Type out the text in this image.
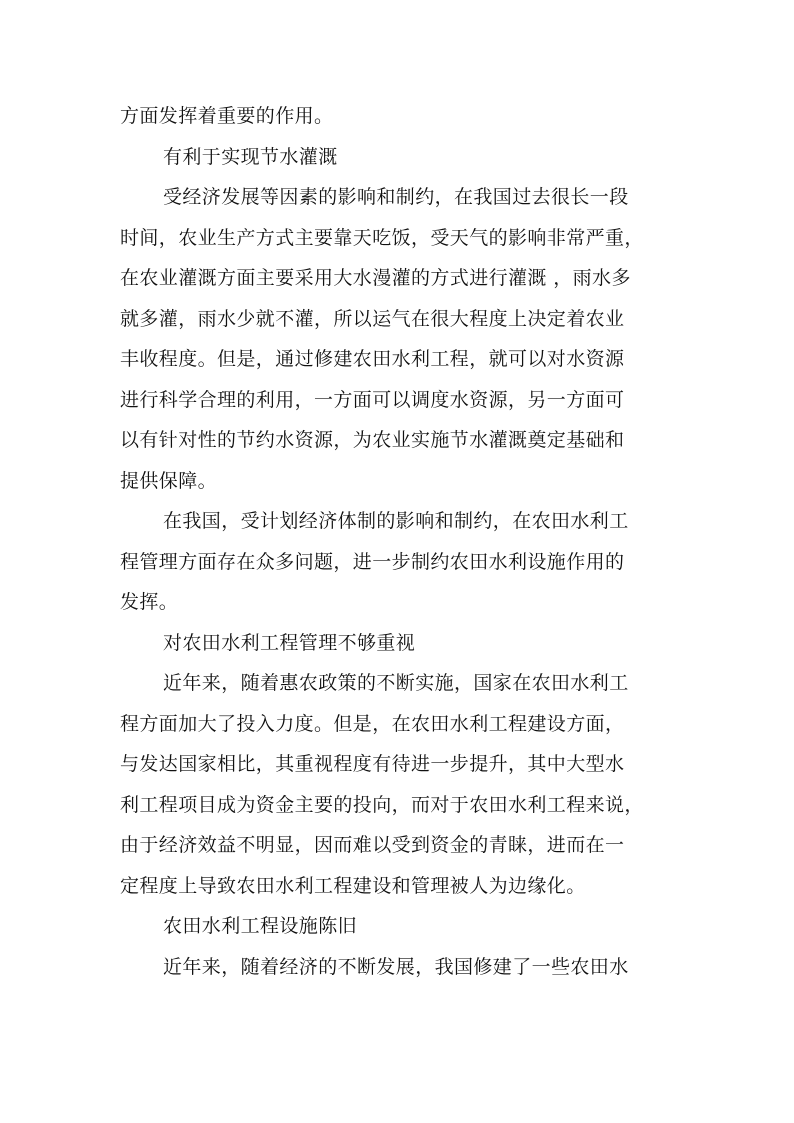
方面发挥着重要的作用。
有利于实现节水灌溉
受经济发展等因素的影响和制约，在我国过去很长一段
时间，农业生产方式主要靠天吃饭，受天气的影响非常严重，
在农业灌溉方面主要采用大水漫灌的方式进行灌溉 ，雨水多
就多灌，雨水少就不灌，所以运气在很大程度上决定着农业
丰收程度。但是，通过修建农田水利工程，就可以对水资源
进行科学合理的利用，一方面可以调度水资源，另一方面可
以有针对性的节约水资源，为农业实施节水灌溉奠定基础和
提供保障。
在我国，受计划经济体制的影响和制约，在农田水利工
程管理方面存在众多问题，进一步制约农田水利设施作用的
发挥。
对农田水利工程管理不够重视
近年来，随着惠农政策的不断实施，国家在农田水利工
程方面加大了投入力度。但是，在农田水利工程建设方面，
与发达国家相比，其重视程度有待进一步提升，其中大型水
利工程项目成为资金主要的投向，而对于农田水利工程来说，
由于经济效益不明显，因而难以受到资金的青睐，进而在一
定程度上导致农田水利工程建设和管理被人为边缘化。
农田水利工程设施陈旧
近年来，随着经济的不断发展，我国修建了一些农田水
